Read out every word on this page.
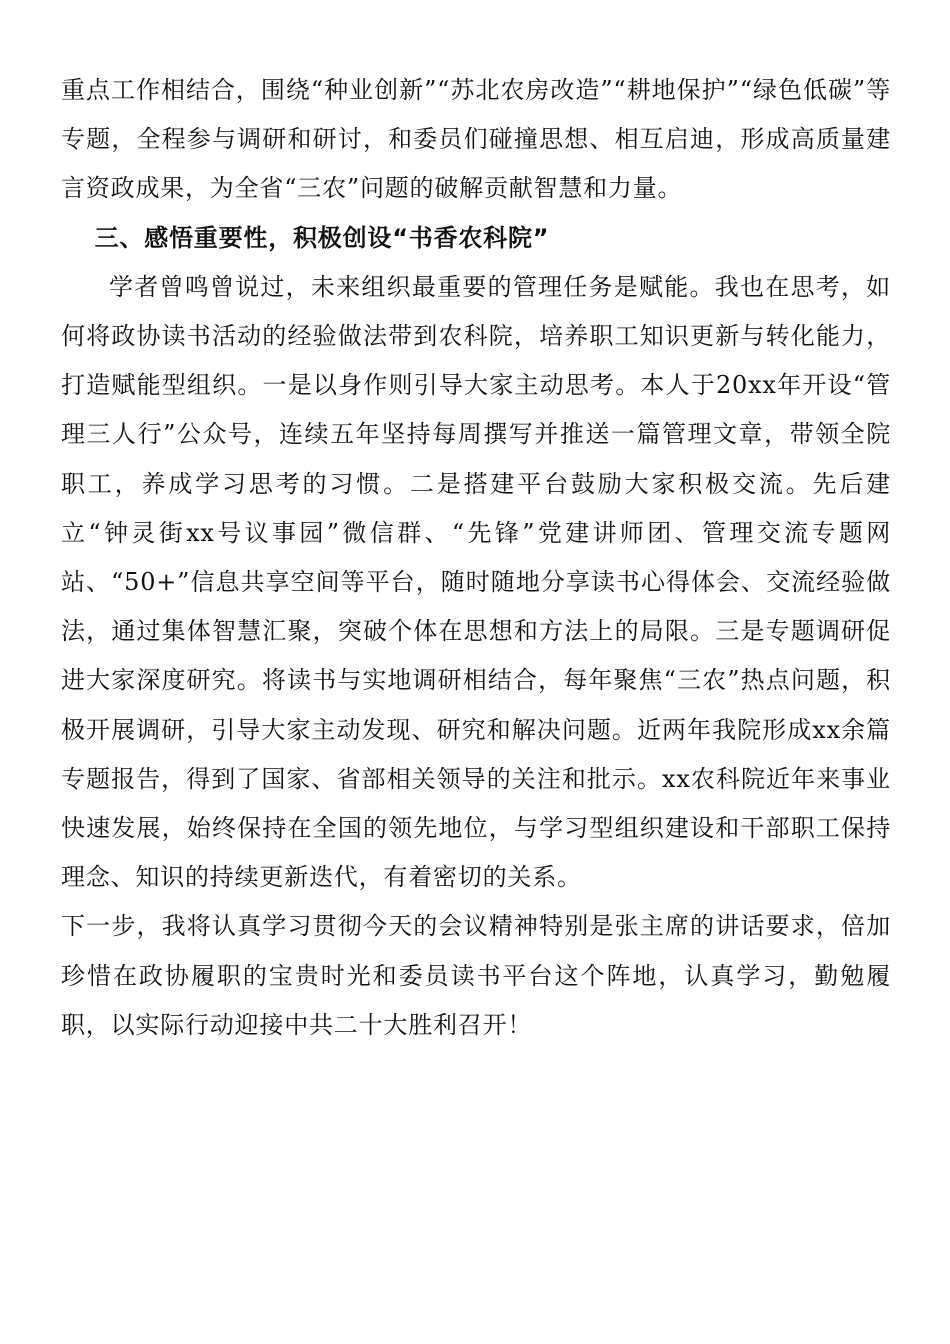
重点工作相结合，围绕“种业创新”“苏北农房改造”“耕地保护”“绿色低碳”等专题，全程参与调研和研讨，和委员们碰撞思想、相互启迪，形成高质量建言资政成果，为全省“三农”问题的破解贡献智慧和力量。

三、感悟重要性，积极创设“书香农科院”

学者曾鸣曾说过，未来组织最重要的管理任务是赋能。我也在思考，如何将政协读书活动的经验做法带到农科院，培养职工知识更新与转化能力，打造赋能型组织。一是以身作则引导大家主动思考。本人于20xx年开设“管理三人行”公众号，连续五年坚持每周撰写并推送一篇管理文章，带领全院职工，养成学习思考的习惯。二是搭建平台鼓励大家积极交流。先后建立“钟灵街xx号议事园”微信群、“先锋”党建讲师团、管理交流专题网站、“50+”信息共享空间等平台，随时随地分享读书心得体会、交流经验做法，通过集体智慧汇聚，突破个体在思想和方法上的局限。三是专题调研促进大家深度研究。将读书与实地调研相结合，每年聚焦“三农”热点问题，积极开展调研，引导大家主动发现、研究和解决问题。近两年我院形成xx余篇专题报告，得到了国家、省部相关领导的关注和批示。xx农科院近年来事业快速发展，始终保持在全国的领先地位，与学习型组织建设和干部职工保持理念、知识的持续更新迭代，有着密切的关系。

下一步，我将认真学习贯彻今天的会议精神特别是张主席的讲话要求，倍加珍惜在政协履职的宝贵时光和委员读书平台这个阵地，认真学习，勤勉履职，以实际行动迎接中共二十大胜利召开！
